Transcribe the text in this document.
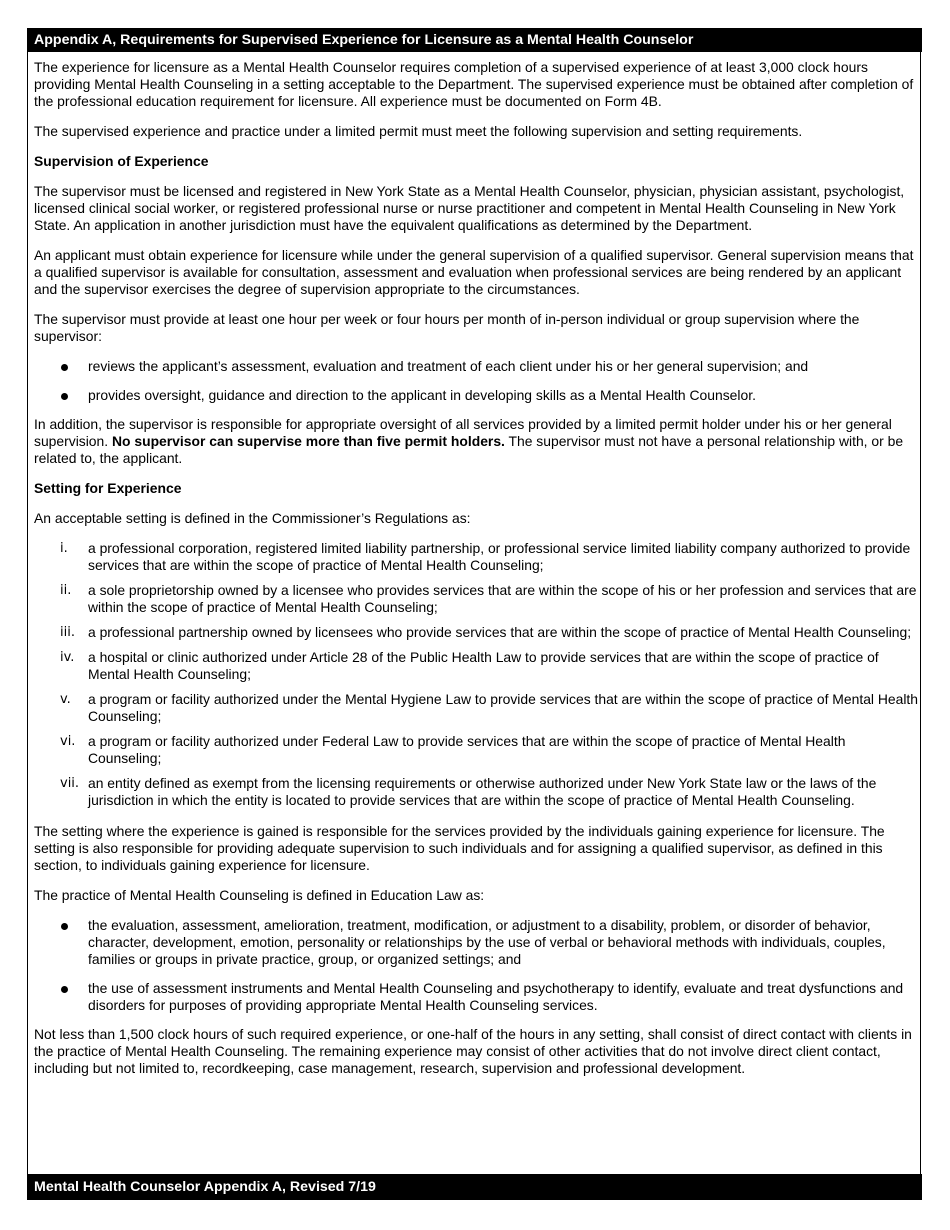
Appendix A, Requirements for Supervised Experience for Licensure as a Mental Health Counselor

The experience for licensure as a Mental Health Counselor requires completion of a supervised experience of at least 3,000 clock hours providing Mental Health Counseling in a setting acceptable to the Department. The supervised experience must be obtained after completion of the professional education requirement for licensure. All experience must be documented on Form 4B.

The supervised experience and practice under a limited permit must meet the following supervision and setting requirements.

Supervision of Experience

The supervisor must be licensed and registered in New York State as a Mental Health Counselor, physician, physician assistant, psychologist, licensed clinical social worker, or registered professional nurse or nurse practitioner and competent in Mental Health Counseling in New York State. An application in another jurisdiction must have the equivalent qualifications as determined by the Department.

An applicant must obtain experience for licensure while under the general supervision of a qualified supervisor. General supervision means that a qualified supervisor is available for consultation, assessment and evaluation when professional services are being rendered by an applicant and the supervisor exercises the degree of supervision appropriate to the circumstances.

The supervisor must provide at least one hour per week or four hours per month of in-person individual or group supervision where the supervisor:

reviews the applicant’s assessment, evaluation and treatment of each client under his or her general supervision; and
provides oversight, guidance and direction to the applicant in developing skills as a Mental Health Counselor.

In addition, the supervisor is responsible for appropriate oversight of all services provided by a limited permit holder under his or her general supervision. No supervisor can supervise more than five permit holders. The supervisor must not have a personal relationship with, or be related to, the applicant.

Setting for Experience

An acceptable setting is defined in the Commissioner’s Regulations as:

i. a professional corporation, registered limited liability partnership, or professional service limited liability company authorized to provide services that are within the scope of practice of Mental Health Counseling;
ii. a sole proprietorship owned by a licensee who provides services that are within the scope of his or her profession and services that are within the scope of practice of Mental Health Counseling;
iii. a professional partnership owned by licensees who provide services that are within the scope of practice of Mental Health Counseling;
iv. a hospital or clinic authorized under Article 28 of the Public Health Law to provide services that are within the scope of practice of Mental Health Counseling;
v. a program or facility authorized under the Mental Hygiene Law to provide services that are within the scope of practice of Mental Health Counseling;
vi. a program or facility authorized under Federal Law to provide services that are within the scope of practice of Mental Health Counseling;
vii. an entity defined as exempt from the licensing requirements or otherwise authorized under New York State law or the laws of the jurisdiction in which the entity is located to provide services that are within the scope of practice of Mental Health Counseling.

The setting where the experience is gained is responsible for the services provided by the individuals gaining experience for licensure. The setting is also responsible for providing adequate supervision to such individuals and for assigning a qualified supervisor, as defined in this section, to individuals gaining experience for licensure.

The practice of Mental Health Counseling is defined in Education Law as:

the evaluation, assessment, amelioration, treatment, modification, or adjustment to a disability, problem, or disorder of behavior, character, development, emotion, personality or relationships by the use of verbal or behavioral methods with individuals, couples, families or groups in private practice, group, or organized settings; and
the use of assessment instruments and Mental Health Counseling and psychotherapy to identify, evaluate and treat dysfunctions and disorders for purposes of providing appropriate Mental Health Counseling services.

Not less than 1,500 clock hours of such required experience, or one-half of the hours in any setting, shall consist of direct contact with clients in the practice of Mental Health Counseling. The remaining experience may consist of other activities that do not involve direct client contact, including but not limited to, recordkeeping, case management, research, supervision and professional development.

Mental Health Counselor Appendix A, Revised 7/19
